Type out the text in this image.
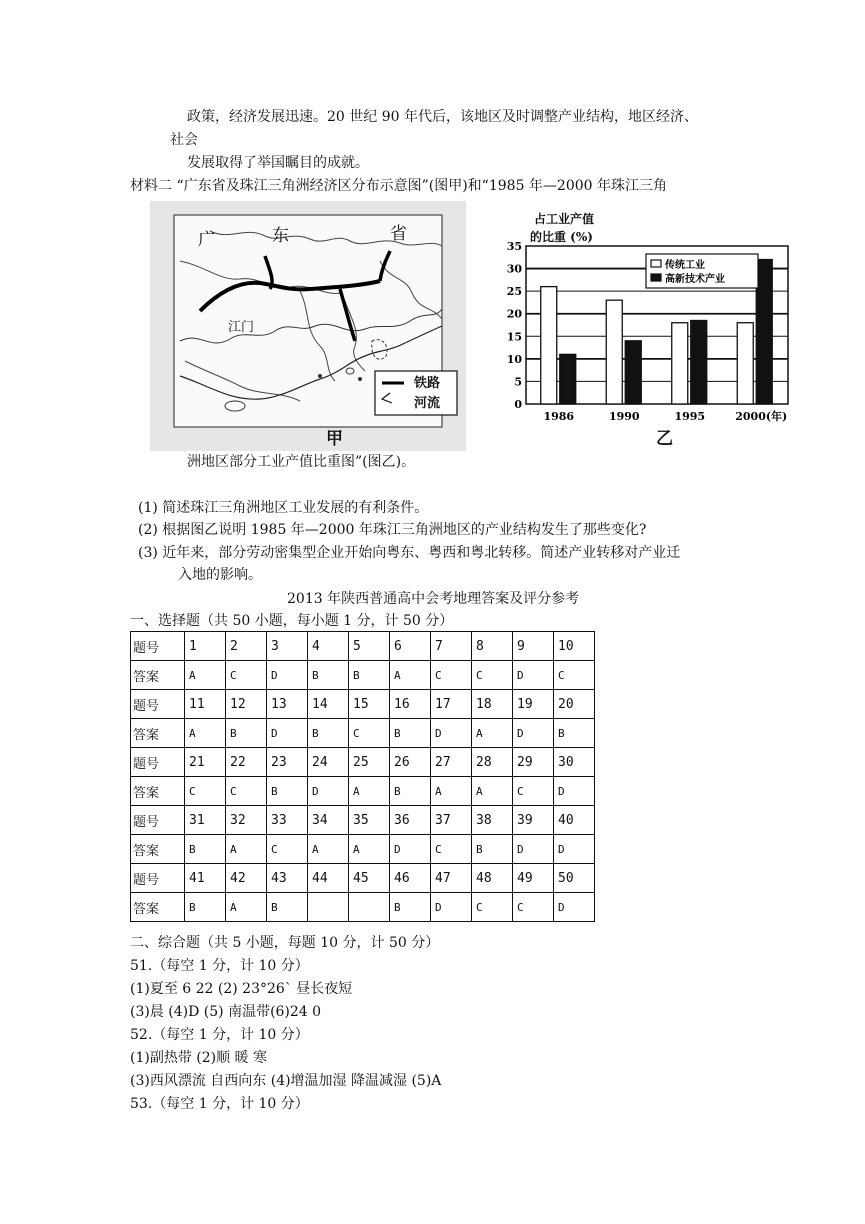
政策，经济发展迅速。20 世纪 90 年代后，该地区及时调整产业结构，地区经济、
社会
发展取得了举国瞩目的成就。
材料二 “广东省及珠江三角洲经济区分布示意图”(图甲)和“1985 年—2000 年珠江三角
广	东	省
江门
铁路
河流
甲
占工业产值
的比重 (%)
0
5
10
15
20
25
30
35
1986	1990	1995	2000(年)
传统工业
高新技术产业
乙
洲地区部分工业产值比重图”(图乙)。
(1) 简述珠江三角洲地区工业发展的有利条件。
(2) 根据图乙说明 1985 年—2000 年珠江三角洲地区的产业结构发生了那些变化?
(3) 近年来，部分劳动密集型企业开始向粤东、粤西和粤北转移。简述产业转移对产业迁
入地的影响。
2013 年陕西普通高中会考地理答案及评分参考
一、选择题（共 50 小题，每小题 1 分，计 50 分）
题号	1	2	3	4	5	6	7	8	9	10
答案	A	C	D	B	B	A	C	C	D	C
题号	11	12	13	14	15	16	17	18	19	20
答案	A	B	D	B	C	B	D	A	D	B
题号	21	22	23	24	25	26	27	28	29	30
答案	C	C	B	D	A	B	A	A	C	D
题号	31	32	33	34	35	36	37	38	39	40
答案	B	A	C	A	A	D	C	B	D	D
题号	41	42	43	44	45	46	47	48	49	50
答案	B	A	B			B	D	C	C	D
二、综合题（共 5 小题，每题 10 分，计 50 分）
51.（每空 1 分，计 10 分）
(1)夏至 6 22 (2) 23°26` 昼长夜短
(3)晨 (4)D (5) 南温带(6)24 0
52.（每空 1 分，计 10 分）
(1)副热带 (2)顺 暖 寒
(3)西风漂流 自西向东 (4)增温加湿 降温减湿 (5)A
53.（每空 1 分，计 10 分）
